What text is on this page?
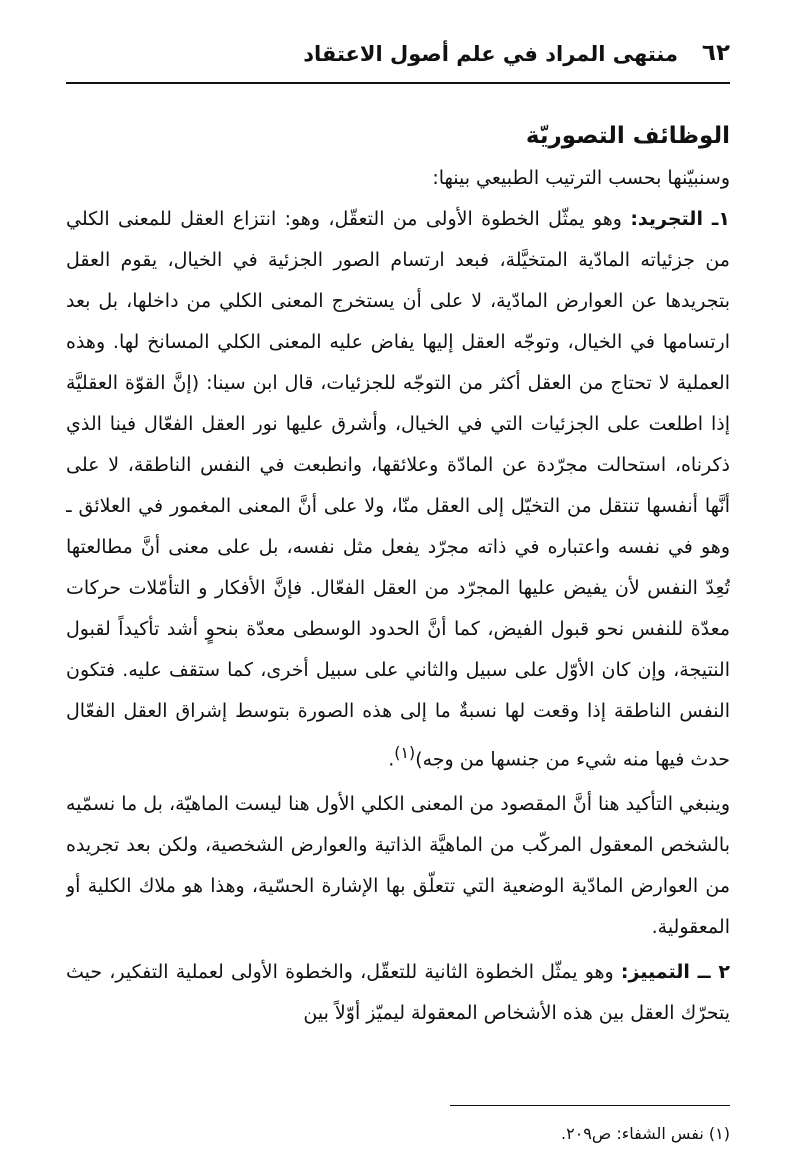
٦٢
منتهى المراد في علم أصول الاعتقاد
الوظائف التصوريّة

وسنبيّنها بحسب الترتيب الطبيعي بينها:

١ـ التجريد: وهو يمثّل الخطوة الأولى من التعقّل، وهو: انتزاع العقل للمعنى الكلي من جزئياته المادّية المتخيَّلة، فبعد ارتسام الصور الجزئية في الخيال، يقوم العقل بتجريدها عن العوارض المادّية، لا على أن يستخرج المعنى الكلي من داخلها، بل بعد ارتسامها في الخيال، وتوجّه العقل إليها يفاض عليه المعنى الكلي المسانخ لها. وهذه العملية لا تحتاج من العقل أكثر من التوجّه للجزئيات، قال ابن سينا: (إنَّ القوّة العقليَّة إذا اطلعت على الجزئيات التي في الخيال، وأشرق عليها نور العقل الفعّال فينا الذي ذكرناه، استحالت مجرّدة عن المادّة وعلائقها، وانطبعت في النفس الناطقة، لا على أنَّها أنفسها تنتقل من التخيّل إلى العقل منّا، ولا على أنَّ المعنى المغمور في العلائق ـ وهو في نفسه واعتباره في ذاته مجرّد يفعل مثل نفسه، بل على معنى أنَّ مطالعتها تُعِدّ النفس لأن يفيض عليها المجرّد من العقل الفعّال. فإنَّ الأفكار و التأمّلات حركات معدّة للنفس نحو قبول الفيض، كما أنَّ الحدود الوسطى معدّة بنحوٍ أشد تأكيداً لقبول النتيجة، وإن كان الأوّل على سبيل والثاني على سبيل أخرى، كما ستقف عليه. فتكون النفس الناطقة إذا وقعت لها نسبةٌ ما إلى هذه الصورة بتوسط إشراق العقل الفعّال حدث فيها منه شيء من جنسها من وجه)$^{(١)}$.

وينبغي التأكيد هنا أنَّ المقصود من المعنى الكلي الأول هنا ليست الماهيّة، بل ما نسمّيه بالشخص المعقول المركّب من الماهيَّة الذاتية والعوارض الشخصية، ولكن بعد تجريده من العوارض المادّية الوضعية التي تتعلّق بها الإشارة الحسّية، وهذا هو ملاك الكلية أو المعقولية.

٢ ــ التمييز: وهو يمثّل الخطوة الثانية للتعقّل، والخطوة الأولى لعملية التفكير، حيث يتحرّك العقل بين هذه الأشخاص المعقولة ليميّز أوّلاً بين

(١) نفس الشفاء: ص٢٠٩.
